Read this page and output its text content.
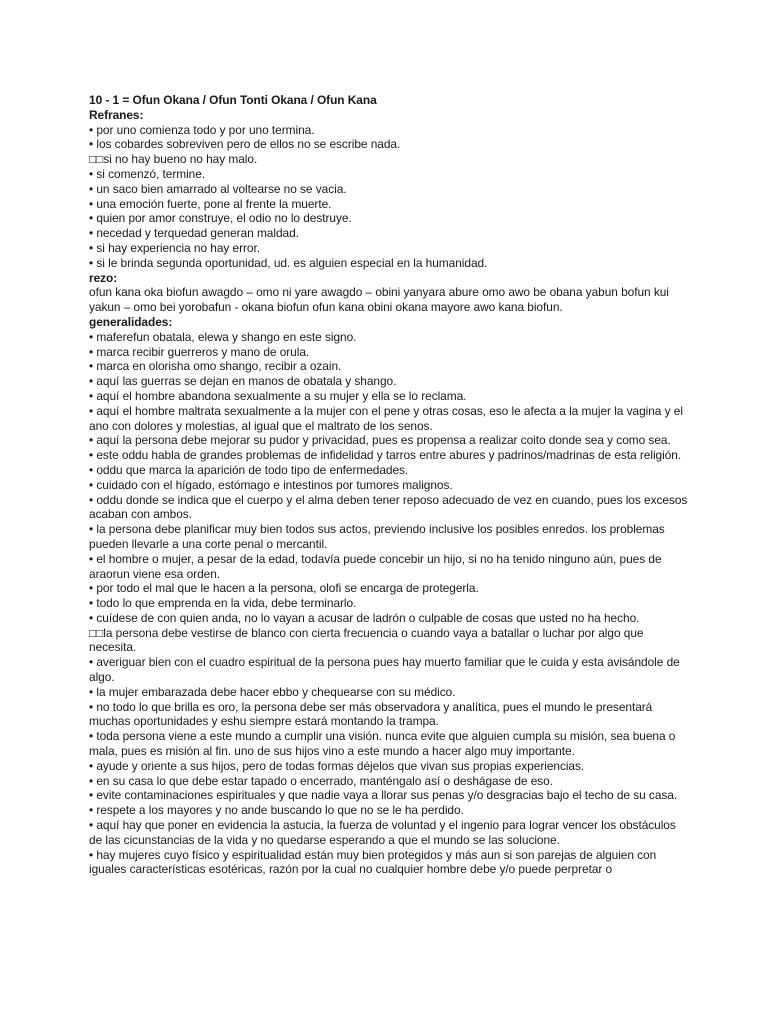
10 - 1 = Ofun Okana / Ofun Tonti Okana / Ofun Kana
Refranes:
• por uno comienza todo y por uno termina.
• los cobardes sobreviven pero de ellos no se escribe nada.
□□si no hay bueno no hay malo.
• si comenzó, termine.
• un saco bien amarrado al voltearse no se vacia.
• una emoción fuerte, pone al frente la muerte.
• quien por amor construye, el odio no lo destruye.
• necedad y terquedad generan maldad.
• si hay experiencia no hay error.
• si le brinda segunda oportunidad, ud. es alguien especial en la humanidad.
rezo:
ofun kana oka biofun awagdo – omo ni yare awagdo – obini yanyara abure omo awo be obana yabun bofun kui yakun – omo bei yorobafun - okana biofun ofun kana obini okana mayore awo kana biofun.
generalidades:
• maferefun obatala, elewa y shango en este signo.
• marca recibir guerreros y mano de orula.
• marca en olorisha omo shango, recibir a ozain.
• aquí las guerras se dejan en manos de obatala y shango.
• aquí el hombre abandona sexualmente a su mujer y ella se lo reclama.
• aquí el hombre maltrata sexualmente a la mujer con el pene y otras cosas, eso le afecta a la mujer la vagina y el ano con dolores y molestias, al igual que el maltrato de los senos.
• aquí la persona debe mejorar su pudor y privacidad, pues es propensa a realizar coito donde sea y como sea.
• este oddu habla de grandes problemas de infidelidad y tarros entre abures y padrinos/madrinas de esta religión.
• oddu que marca la aparición de todo tipo de enfermedades.
• cuidado con el hígado, estómago e intestinos por tumores malignos.
• oddu donde se indica que el cuerpo y el alma deben tener reposo adecuado de vez en cuando, pues los excesos acaban con ambos.
• la persona debe planificar muy bien todos sus actos, previendo inclusive los posibles enredos. los problemas pueden llevarle a una corte penal o mercantil.
• el hombre o mujer, a pesar de la edad, todavía puede concebir un hijo, si no ha tenido ninguno aún, pues de araorun viene esa orden.
• por todo el mal que le hacen a la persona, olofi se encarga de protegerla.
• todo lo que emprenda en la vida, debe terminarlo.
• cuídese de con quien anda, no lo vayan a acusar de ladrón o culpable de cosas que usted no ha hecho.
□□la persona debe vestirse de blanco con cierta frecuencia o cuando vaya a batallar o luchar por algo que necesita.
• averiguar bien con el cuadro espiritual de la persona pues hay muerto familiar que le cuida y esta avisándole de algo.
• la mujer embarazada debe hacer ebbo y chequearse con su médico.
• no todo lo que brilla es oro, la persona debe ser más observadora y analítica, pues el mundo le presentará muchas oportunidades y eshu siempre estará montando la trampa.
• toda persona viene a este mundo a cumplir una visión. nunca evite que alguien cumpla su misión, sea buena o mala, pues es misión al fin. uno de sus hijos vino a este mundo a hacer algo muy importante.
• ayude y oriente a sus hijos, pero de todas formas déjelos que vivan sus propias experiencias.
• en su casa lo que debe estar tapado o encerrado, manténgalo así o deshágase de eso.
• evite contaminaciones espirituales y que nadie vaya a llorar sus penas y/o desgracias bajo el techo de su casa.
• respete a los mayores y no ande buscando lo que no se le ha perdido.
• aquí hay que poner en evidencia la astucia, la fuerza de voluntad y el ingenio para lograr vencer los obstáculos de las cicunstancias de la vida y no quedarse esperando a que el mundo se las solucione.
• hay mujeres cuyo físico y espiritualidad están muy bien protegidos y más aun si son parejas de alguien con iguales características esotéricas, razón por la cual no cualquier hombre debe y/o puede perpretar o
